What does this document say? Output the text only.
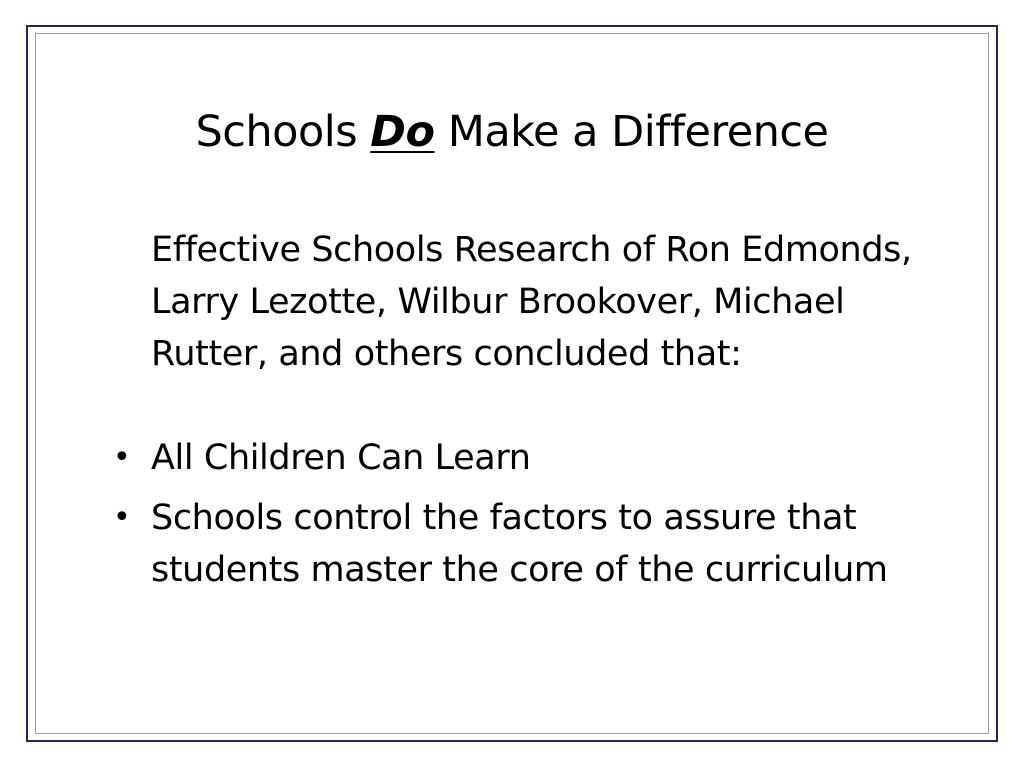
Schools Do Make a Difference
Effective Schools Research of Ron Edmonds, Larry Lezotte, Wilbur Brookover, Michael Rutter, and others concluded that:
• All Children Can Learn
• Schools control the factors to assure that students master the core of the curriculum
